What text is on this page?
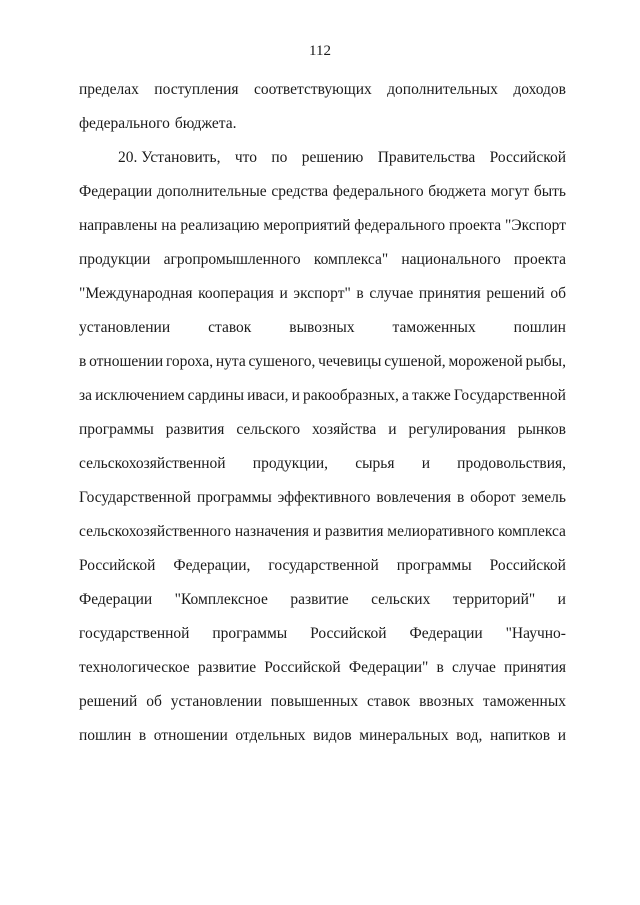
112
пределах поступления соответствующих дополнительных доходов
федерального бюджета.
20. Установить, что по решению Правительства Российской
Федерации дополнительные средства федерального бюджета могут быть
направлены на реализацию мероприятий федерального проекта "Экспорт
продукции агропромышленного комплекса" национального проекта
"Международная кооперация и экспорт" в случае принятия решений об
установлении ставок вывозных таможенных пошлин
в отношении гороха, нута сушеного, чечевицы сушеной, мороженой рыбы,
за исключением сардины иваси, и ракообразных, а также Государственной
программы развития сельского хозяйства и регулирования рынков
сельскохозяйственной продукции, сырья и продовольствия,
Государственной программы эффективного вовлечения в оборот земель
сельскохозяйственного назначения и развития мелиоративного комплекса
Российской Федерации, государственной программы Российской
Федерации "Комплексное развитие сельских территорий" и
государственной программы Российской Федерации "Научно-
технологическое развитие Российской Федерации" в случае принятия
решений об установлении повышенных ставок ввозных таможенных
пошлин в отношении отдельных видов минеральных вод, напитков и
